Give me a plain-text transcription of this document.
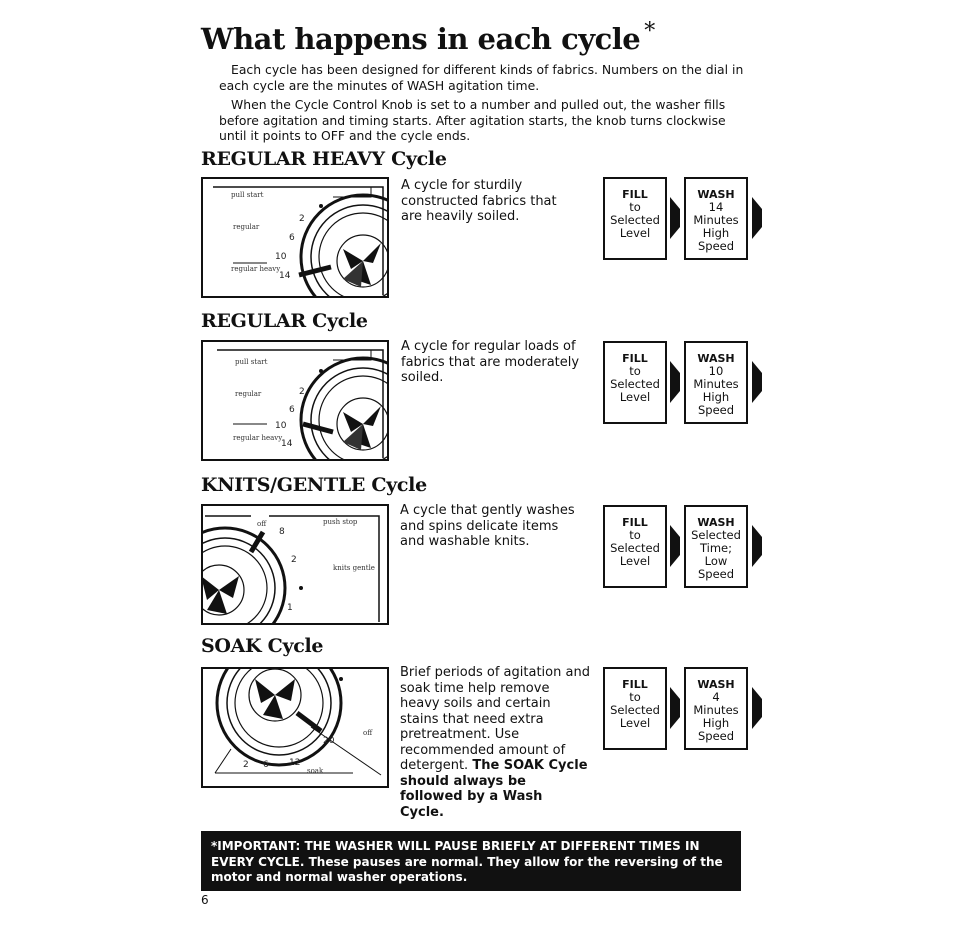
What happens in each cycle *

Each cycle has been designed for different kinds of fabrics. Numbers on the dial in each cycle are the minutes of WASH agitation time.

When the Cycle Control Knob is set to a number and pulled out, the washer fills before agitation and timing starts. After agitation starts, the knob turns clockwise until it points to OFF and the cycle ends.

REGULAR HEAVY Cycle
pull start
regular
regular heavy
2
6
10
14

A cycle for sturdily constructed fabrics that are heavily soiled.

FILL
to
Selected
Level
WASH
14
Minutes
High
Speed
REGULAR Cycle
pull start
regular
regular heavy
2
6
10
14

A cycle for regular loads of fabrics that are moderately soiled.

FILL
to
Selected
Level
WASH
10
Minutes
High
Speed
KNITS/GENTLE Cycle
off	push stop
knits gentle
8
2
1

A cycle that gently washes and spins delicate items and washable knits.

FILL
to
Selected
Level
WASH
Selected
Time;
Low
Speed
SOAK Cycle
off
soak
2 6 12
20

Brief periods of agitation and soak time help remove heavy soils and certain stains that need extra pretreatment. Use recommended amount of detergent. The SOAK Cycle should always be followed by a Wash Cycle.

FILL
to
Selected
Level
WASH
4
Minutes
High
Speed
*IMPORTANT: THE WASHER WILL PAUSE BRIEFLY AT DIFFERENT TIMES IN EVERY CYCLE. These pauses are normal. They allow for the reversing of the motor and normal washer operations.
6
